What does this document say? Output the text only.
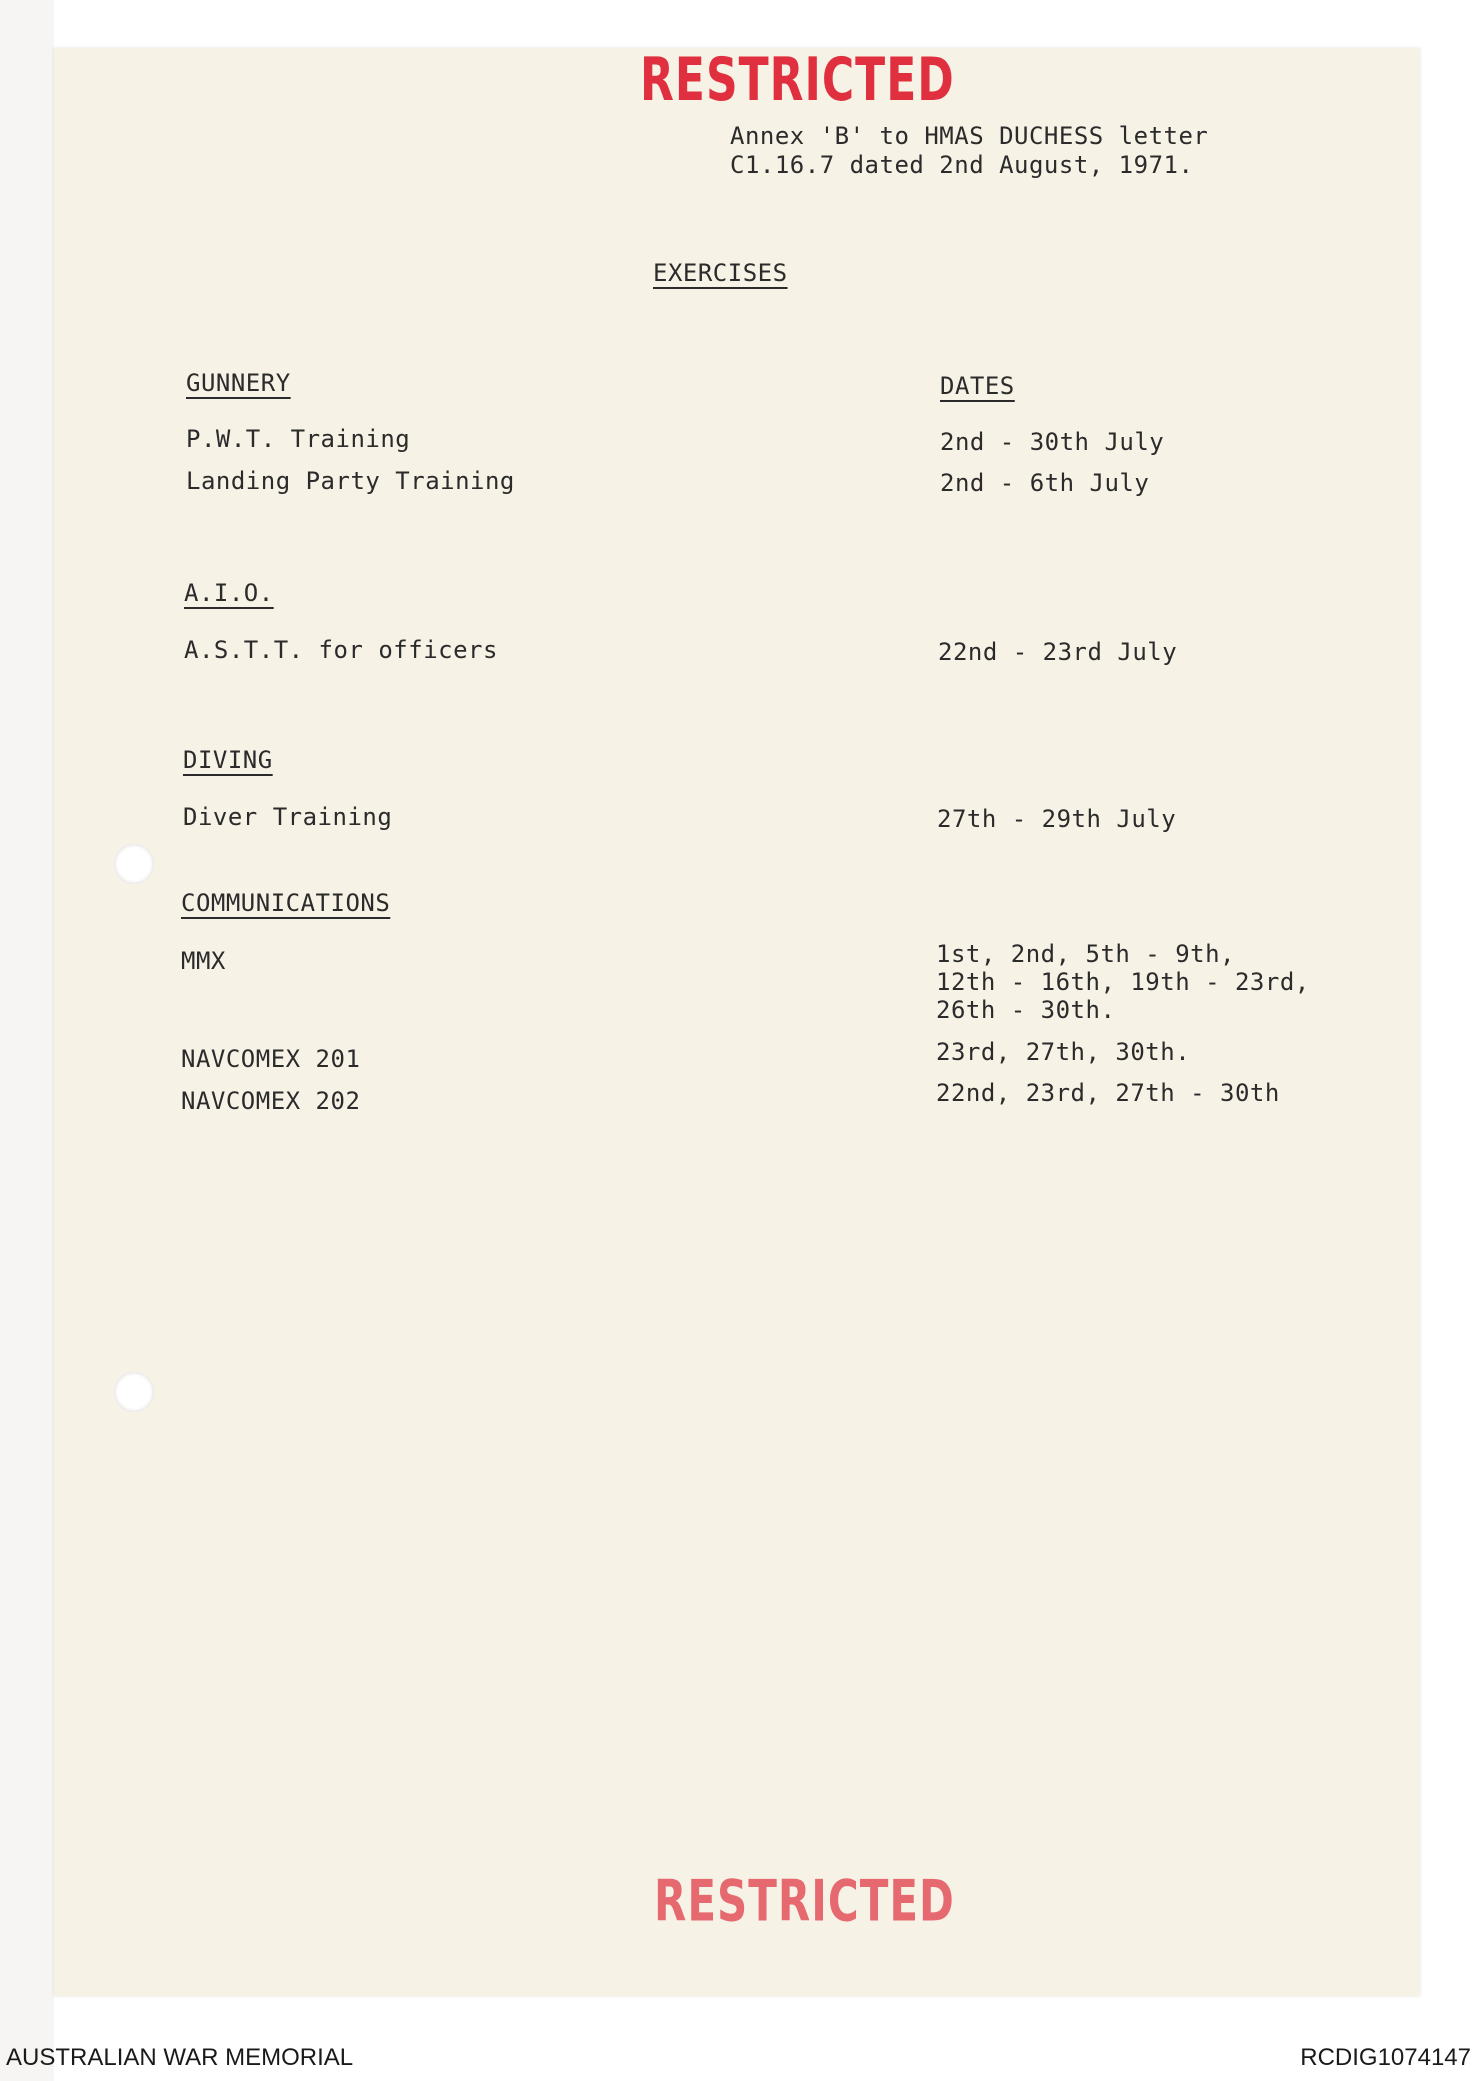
RESTRICTED
Annex 'B' to HMAS DUCHESS letter
C1.16.7 dated 2nd August, 1971.
EXERCISES
GUNNERY	DATES
P.W.T. Training	2nd - 30th July
Landing Party Training	2nd - 6th July
A.I.O.
A.S.T.T. for officers	22nd - 23rd July
DIVING
Diver Training	27th - 29th July
COMMUNICATIONS
MMX	1st, 2nd, 5th - 9th,
12th - 16th, 19th - 23rd,
26th - 30th.
NAVCOMEX 201	23rd, 27th, 30th.
NAVCOMEX 202	22nd, 23rd, 27th - 30th
RESTRICTED
AUSTRALIAN WAR MEMORIAL	RCDIG1074147
